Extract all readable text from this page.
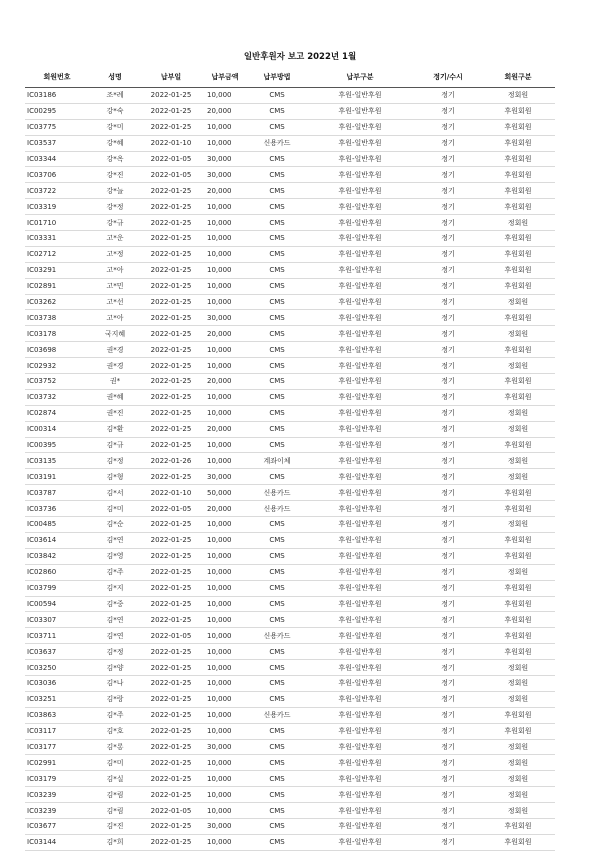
일반후원자 보고 2022년 1월
회원번호	성명	납부일	납부금액	납부방법	납부구분	정기/수시	회원구분
IC03186	조*례	2022-01-25	10,000	CMS	후원-일반후원	정기	정회원
IC00295	강*숙	2022-01-25	20,000	CMS	후원-일반후원	정기	후원회원
IC03775	강*미	2022-01-25	10,000	CMS	후원-일반후원	정기	후원회원
IC03537	강*혜	2022-01-10	10,000	신용카드	후원-일반후원	정기	후원회원
IC03344	강*옥	2022-01-05	30,000	CMS	후원-일반후원	정기	후원회원
IC03706	강*진	2022-01-05	30,000	CMS	후원-일반후원	정기	후원회원
IC03722	강*늘	2022-01-25	20,000	CMS	후원-일반후원	정기	후원회원
IC03319	강*정	2022-01-25	10,000	CMS	후원-일반후원	정기	후원회원
IC01710	강*규	2022-01-25	10,000	CMS	후원-일반후원	정기	정회원
IC03331	고*운	2022-01-25	10,000	CMS	후원-일반후원	정기	후원회원
IC02712	고*정	2022-01-25	10,000	CMS	후원-일반후원	정기	후원회원
IC03291	고*아	2022-01-25	10,000	CMS	후원-일반후원	정기	후원회원
IC02891	고*민	2022-01-25	10,000	CMS	후원-일반후원	정기	후원회원
IC03262	고*선	2022-01-25	10,000	CMS	후원-일반후원	정기	정회원
IC03738	고*아	2022-01-25	30,000	CMS	후원-일반후원	정기	후원회원
IC03178	국지혜	2022-01-25	20,000	CMS	후원-일반후원	정기	정회원
IC03698	권*경	2022-01-25	10,000	CMS	후원-일반후원	정기	후원회원
IC02932	권*경	2022-01-25	10,000	CMS	후원-일반후원	정기	정회원
IC03752	권*	2022-01-25	20,000	CMS	후원-일반후원	정기	후원회원
IC03732	권*혜	2022-01-25	10,000	CMS	후원-일반후원	정기	후원회원
IC02874	권*진	2022-01-25	10,000	CMS	후원-일반후원	정기	정회원
IC00314	김*환	2022-01-25	20,000	CMS	후원-일반후원	정기	정회원
IC00395	김*규	2022-01-25	10,000	CMS	후원-일반후원	정기	후원회원
IC03135	김*정	2022-01-26	10,000	계좌이체	후원-일반후원	정기	정회원
IC03191	김*형	2022-01-25	30,000	CMS	후원-일반후원	정기	정회원
IC03787	김*서	2022-01-10	50,000	신용카드	후원-일반후원	정기	후원회원
IC03736	김*미	2022-01-05	20,000	신용카드	후원-일반후원	정기	후원회원
IC00485	김*순	2022-01-25	10,000	CMS	후원-일반후원	정기	정회원
IC03614	김*연	2022-01-25	10,000	CMS	후원-일반후원	정기	후원회원
IC03842	김*영	2022-01-25	10,000	CMS	후원-일반후원	정기	후원회원
IC02860	김*주	2022-01-25	10,000	CMS	후원-일반후원	정기	정회원
IC03799	김*지	2022-01-25	10,000	CMS	후원-일반후원	정기	후원회원
IC00594	김*중	2022-01-25	10,000	CMS	후원-일반후원	정기	후원회원
IC03307	김*연	2022-01-25	10,000	CMS	후원-일반후원	정기	후원회원
IC03711	김*연	2022-01-05	10,000	신용카드	후원-일반후원	정기	후원회원
IC03637	김*정	2022-01-25	10,000	CMS	후원-일반후원	정기	후원회원
IC03250	김*양	2022-01-25	10,000	CMS	후원-일반후원	정기	정회원
IC03036	김*나	2022-01-25	10,000	CMS	후원-일반후원	정기	정회원
IC03251	김*랑	2022-01-25	10,000	CMS	후원-일반후원	정기	정회원
IC03863	김*주	2022-01-25	10,000	신용카드	후원-일반후원	정기	후원회원
IC03117	김*호	2022-01-25	10,000	CMS	후원-일반후원	정기	후원회원
IC03177	김*롱	2022-01-25	30,000	CMS	후원-일반후원	정기	정회원
IC02991	김*미	2022-01-25	10,000	CMS	후원-일반후원	정기	정회원
IC03179	김*실	2022-01-25	10,000	CMS	후원-일반후원	정기	정회원
IC03239	김*림	2022-01-25	10,000	CMS	후원-일반후원	정기	정회원
IC03239	김*림	2022-01-05	10,000	CMS	후원-일반후원	정기	정회원
IC03677	김*진	2022-01-25	30,000	CMS	후원-일반후원	정기	후원회원
IC03144	김*희	2022-01-25	10,000	CMS	후원-일반후원	정기	후원회원
